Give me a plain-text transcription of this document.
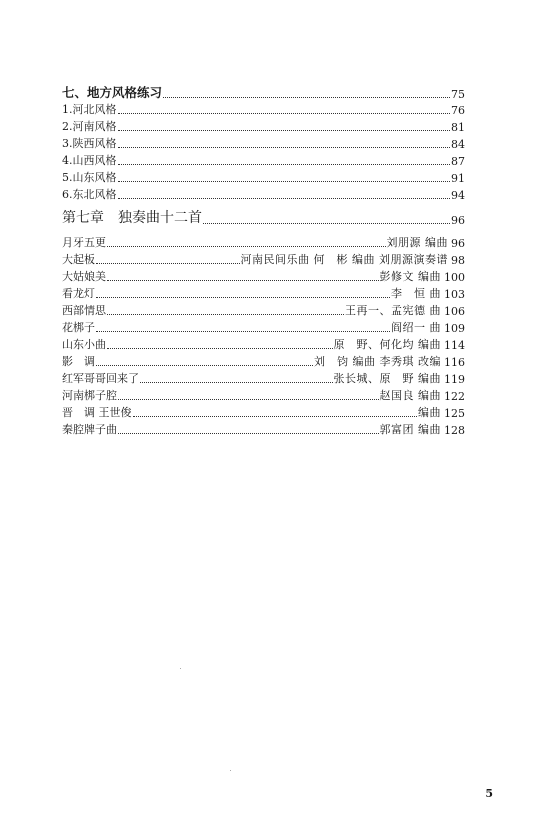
七、地方风格练习	75
1.河北风格	76
2.河南风格	81
3.陕西风格	84
4.山西风格	87
5.山东风格	91
6.东北风格	94
第七章　独奏曲十二首	96
月牙五更	刘朋源 编曲 96
大起板	河南民间乐曲 何　彬 编曲 刘朋源演奏谱 98
大姑娘美	彭修文 编曲 100
看龙灯	李　恒 曲 103
西部情思	王再一、孟宪德 曲 106
花梆子	阎绍一 曲 109
山东小曲	原　野、何化均 编曲 114
影　调	刘　钧 编曲 李秀琪 改编 116
红军哥哥回来了	张长城、原　野 编曲 119
河南梆子腔	赵国良 编曲 122
晋　调 王世俊	编曲 125
秦腔牌子曲	郭富团 编曲 128
5
